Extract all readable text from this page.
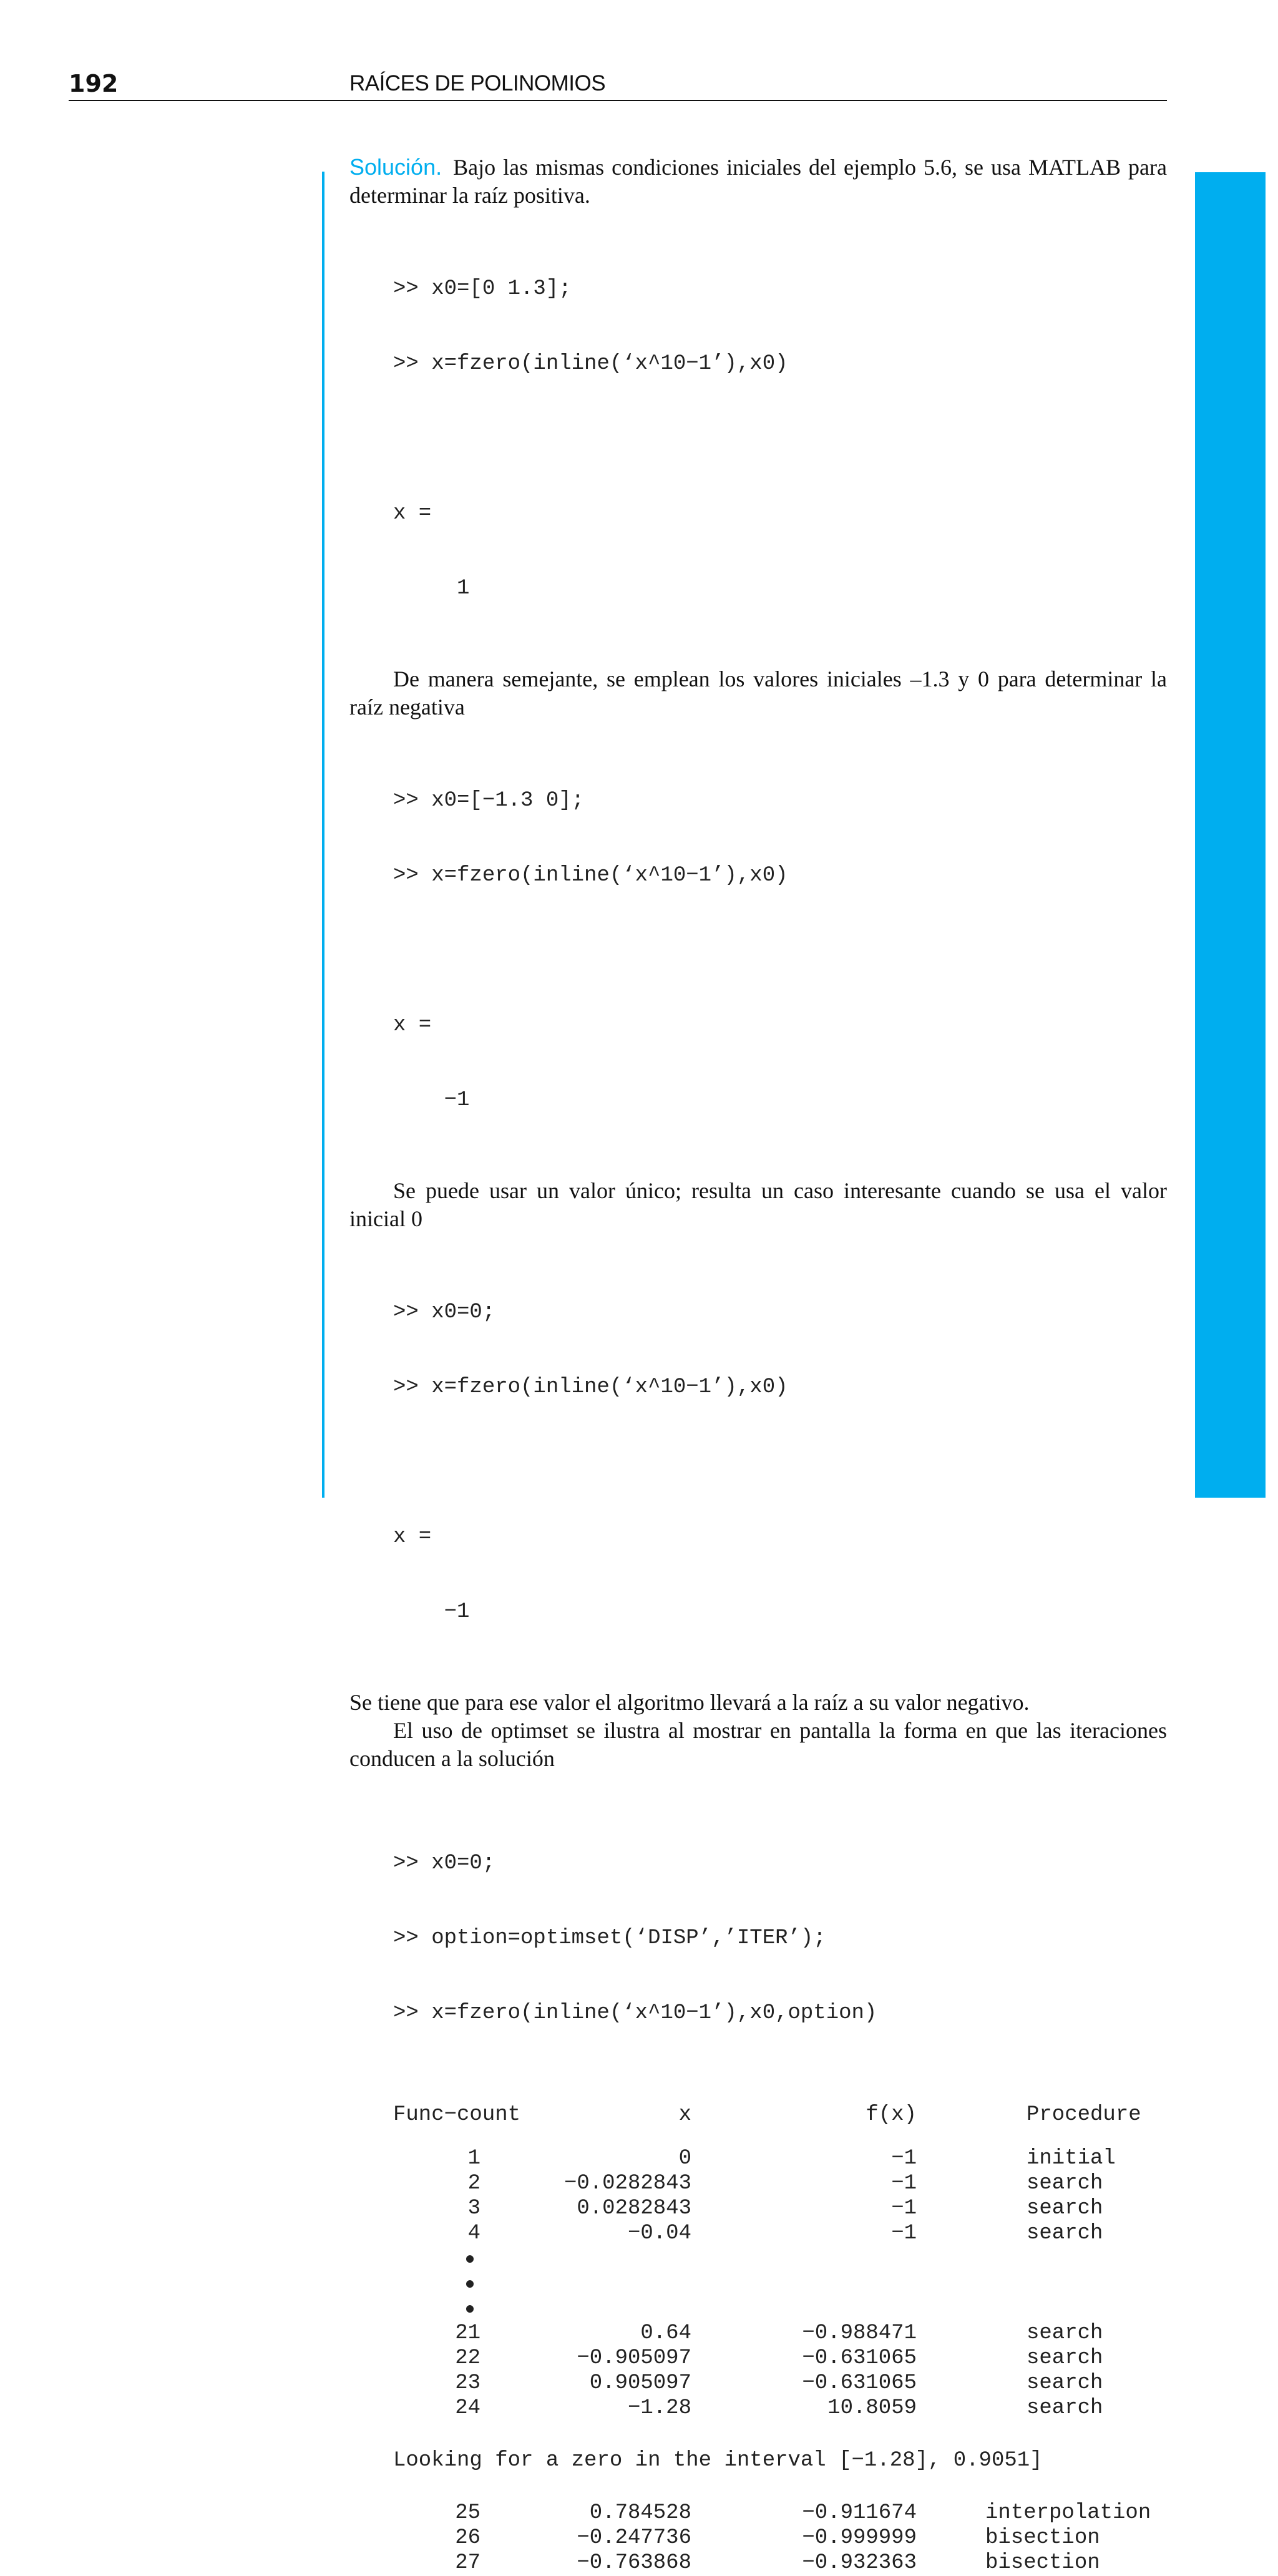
192	RAÍCES DE POLINOMIOS

Solución. Bajo las mismas condiciones iniciales del ejemplo 5.6, se usa MATLAB para determinar la raíz positiva.

>> x0=[0 1.3];

>> x=fzero(inline(‘x^10−1’),x0)

x =

1

De manera semejante, se emplean los valores iniciales –1.3 y 0 para determinar la raíz negativa

>> x0=[−1.3 0];

>> x=fzero(inline(‘x^10−1’),x0)

x =

−1

Se puede usar un valor único; resulta un caso interesante cuando se usa el valor inicial 0

>> x0=0;

>> x=fzero(inline(‘x^10−1’),x0)

x =

−1

Se tiene que para ese valor el algoritmo llevará a la raíz a su valor negativo.

El uso de optimset se ilustra al mostrar en pantalla la forma en que las iteraciones conducen a la solución

>> x0=0;

>> option=optimset(‘DISP’,’ITER’);

>> x=fzero(inline(‘x^10−1’),x0,option)

Func−count	x	f(x)	Procedure
1	0	−1	initial
2	−0.0282843	−1	search
3	0.0282843	−1	search
4	−0.04	−1	search
21	0.64	−0.988471	search
22	−0.905097	−0.631065	search
23	0.905097	−0.631065	search
24	−1.28	10.8059	search
Looking for a zero in the interval [−1.28], 0.9051]
25	0.784528	−0.911674	interpolation
26	−0.247736	−0.999999	bisection
27	−0.763868	−0.932363	bisection
